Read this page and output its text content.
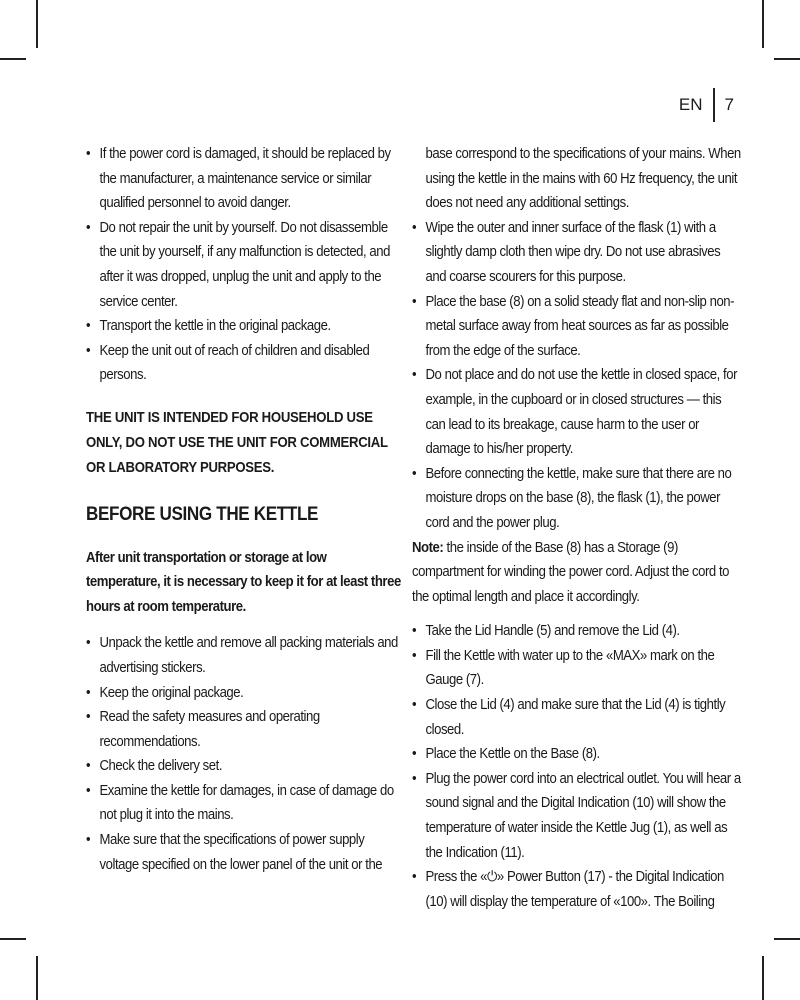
EN 7
• If the power cord is damaged, it should be replaced by the manufacturer, a maintenance service or similar qualified personnel to avoid danger.
• Do not repair the unit by yourself. Do not disassemble the unit by yourself, if any malfunction is detected, and after it was dropped, unplug the unit and apply to the service center.
• Transport the kettle in the original package.
• Keep the unit out of reach of children and disabled persons.
THE UNIT IS INTENDED FOR HOUSEHOLD USE ONLY, DO NOT USE THE UNIT FOR COMMERCIAL OR LABORATORY PURPOSES.
BEFORE USING THE KETTLE
After unit transportation or storage at low temperature, it is necessary to keep it for at least three hours at room temperature.
• Unpack the kettle and remove all packing materials and advertising stickers.
• Keep the original package.
• Read the safety measures and operating recommendations.
• Check the delivery set.
• Examine the kettle for damages, in case of damage do not plug it into the mains.
• Make sure that the specifications of power supply voltage specified on the lower panel of the unit or the
base correspond to the specifications of your mains. When using the kettle in the mains with 60 Hz frequency, the unit does not need any additional settings.
• Wipe the outer and inner surface of the flask (1) with a slightly damp cloth then wipe dry. Do not use abrasives and coarse scourers for this purpose.
• Place the base (8) on a solid steady flat and non-slip non-metal surface away from heat sources as far as possible from the edge of the surface.
• Do not place and do not use the kettle in closed space, for example, in the cupboard or in closed structures — this can lead to its breakage, cause harm to the user or damage to his/her property.
• Before connecting the kettle, make sure that there are no moisture drops on the base (8), the flask (1), the power cord and the power plug.
Note: the inside of the Base (8) has a Storage (9) compartment for winding the power cord. Adjust the cord to the optimal length and place it accordingly.
• Take the Lid Handle (5) and remove the Lid (4).
• Fill the Kettle with water up to the «MAX» mark on the Gauge (7).
• Close the Lid (4) and make sure that the Lid (4) is tightly closed.
• Place the Kettle on the Base (8).
• Plug the power cord into an electrical outlet. You will hear a sound signal and the Digital Indication (10) will show the temperature of water inside the Kettle Jug (1), as well as the Indication (11).
• Press the «⏻» Power Button (17) - the Digital Indication (10) will display the temperature of «100». The Boiling
